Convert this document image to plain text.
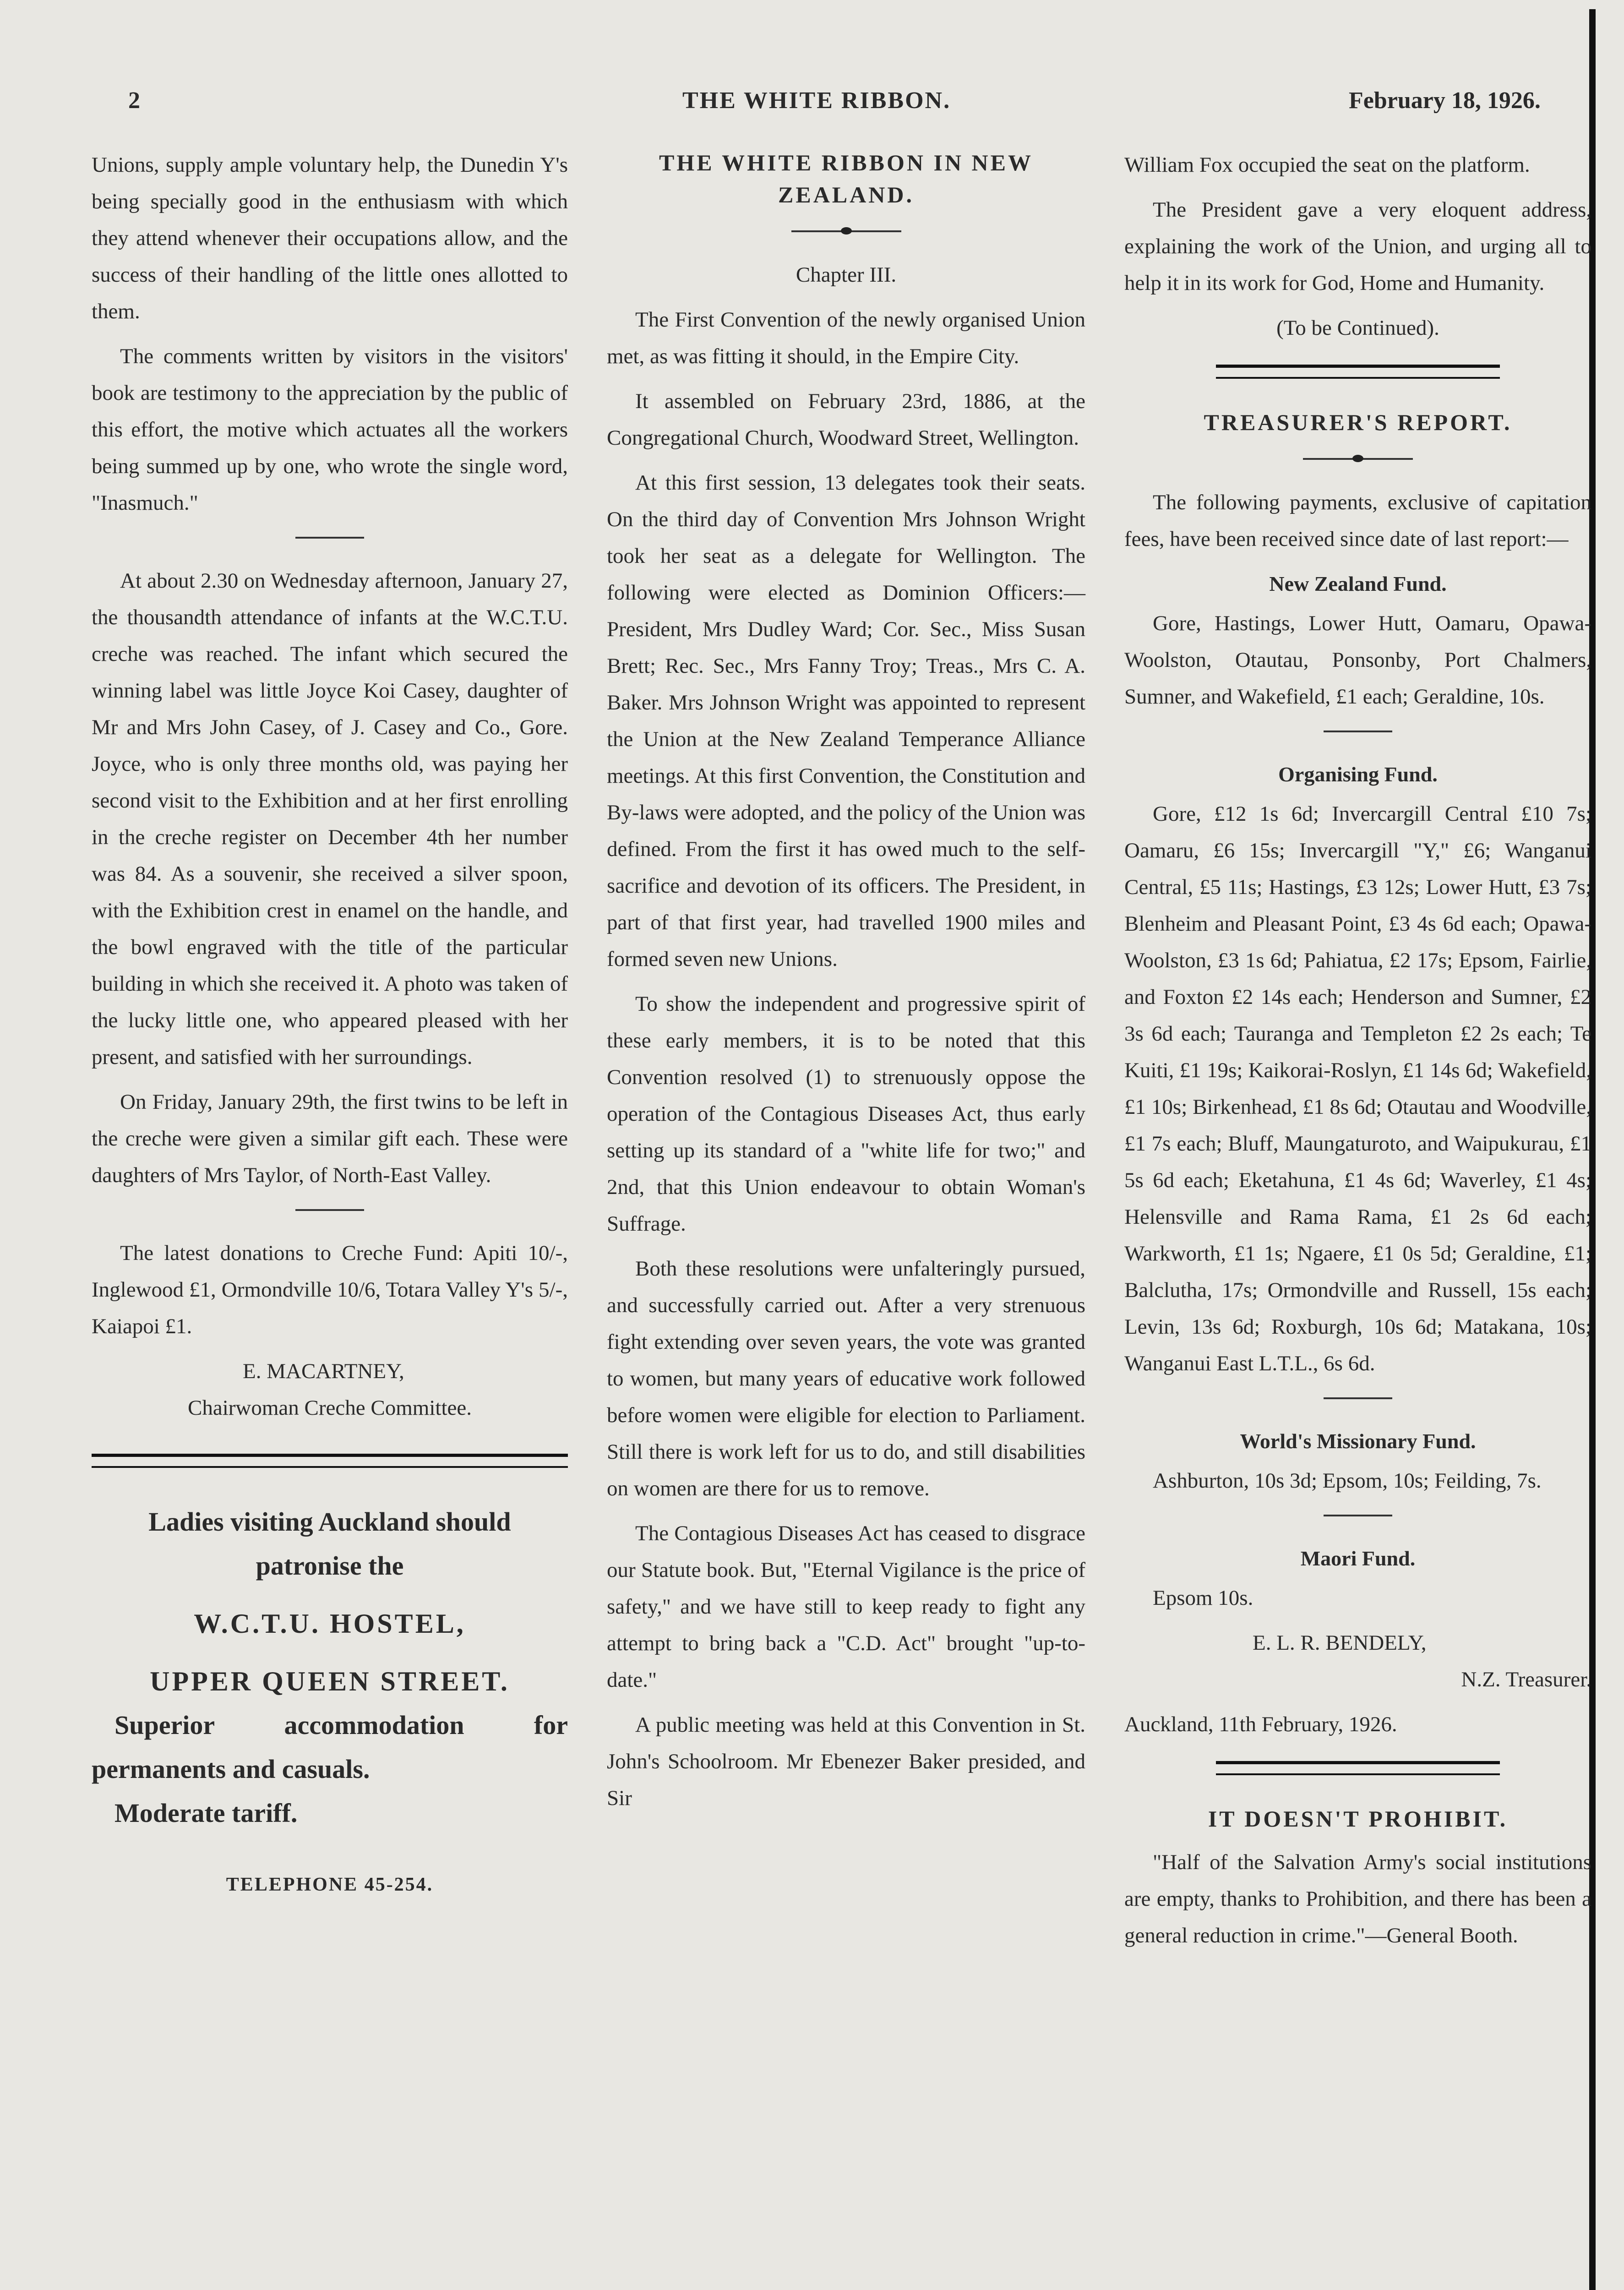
2	THE WHITE RIBBON.	February 18, 1926.

Unions, supply ample voluntary help, the Dunedin Y's being specially good in the enthusiasm with which they attend whenever their occupations allow, and the success of their handling of the little ones allotted to them.

The comments written by visitors in the visitors' book are testimony to the appreciation by the public of this effort, the motive which actuates all the workers being summed up by one, who wrote the single word, "Inasmuch."

At about 2.30 on Wednesday afternoon, January 27, the thousandth attendance of infants at the W.C.T.U. creche was reached. The infant which secured the winning label was little Joyce Koi Casey, daughter of Mr and Mrs John Casey, of J. Casey and Co., Gore. Joyce, who is only three months old, was paying her second visit to the Exhibition and at her first enrolling in the creche register on December 4th her number was 84. As a souvenir, she received a silver spoon, with the Exhibition crest in enamel on the handle, and the bowl engraved with the title of the particular building in which she received it. A photo was taken of the lucky little one, who appeared pleased with her present, and satisfied with her surroundings.

On Friday, January 29th, the first twins to be left in the creche were given a similar gift each. These were daughters of Mrs Taylor, of North-East Valley.

The latest donations to Creche Fund: Apiti 10/-, Inglewood £1, Ormondville 10/6, Totara Valley Y's 5/-, Kaiapoi £1.

E. MACARTNEY,

Chairwoman Creche Committee.

Ladies visiting Auckland should
patronise the
W.C.T.U. HOSTEL,
UPPER QUEEN STREET.
Superior accommodation for
permanents and casuals.
Moderate tariff.
TELEPHONE 45-254.
THE WHITE RIBBON IN NEW ZEALAND.

Chapter III.

The First Convention of the newly organised Union met, as was fitting it should, in the Empire City.

It assembled on February 23rd, 1886, at the Congregational Church, Woodward Street, Wellington.

At this first session, 13 delegates took their seats. On the third day of Convention Mrs Johnson Wright took her seat as a delegate for Wellington. The following were elected as Dominion Officers:—President, Mrs Dudley Ward; Cor. Sec., Miss Susan Brett; Rec. Sec., Mrs Fanny Troy; Treas., Mrs C. A. Baker. Mrs Johnson Wright was appointed to represent the Union at the New Zealand Temperance Alliance meetings. At this first Convention, the Constitution and By-laws were adopted, and the policy of the Union was defined. From the first it has owed much to the self-sacrifice and devotion of its officers. The President, in part of that first year, had travelled 1900 miles and formed seven new Unions.

To show the independent and progressive spirit of these early members, it is to be noted that this Convention resolved (1) to strenuously oppose the operation of the Contagious Diseases Act, thus early setting up its standard of a "white life for two;" and 2nd, that this Union endeavour to obtain Woman's Suffrage.

Both these resolutions were unfalteringly pursued, and successfully carried out. After a very strenuous fight extending over seven years, the vote was granted to women, but many years of educative work followed before women were eligible for election to Parliament. Still there is work left for us to do, and still disabilities on women are there for us to remove.

The Contagious Diseases Act has ceased to disgrace our Statute book. But, "Eternal Vigilance is the price of safety," and we have still to keep ready to fight any attempt to bring back a "C.D. Act" brought "up-to-date."

A public meeting was held at this Convention in St. John's Schoolroom. Mr Ebenezer Baker presided, and Sir

William Fox occupied the seat on the platform.

The President gave a very eloquent address, explaining the work of the Union, and urging all to help it in its work for God, Home and Humanity.

(To be Continued).

TREASURER'S REPORT.

The following payments, exclusive of capitation fees, have been received since date of last report:—

New Zealand Fund.

Gore, Hastings, Lower Hutt, Oamaru, Opawa-Woolston, Otautau, Ponsonby, Port Chalmers, Sumner, and Wakefield, £1 each; Geraldine, 10s.

Organising Fund.

Gore, £12 1s 6d; Invercargill Central £10 7s; Oamaru, £6 15s; Invercargill "Y," £6; Wanganui Central, £5 11s; Hastings, £3 12s; Lower Hutt, £3 7s; Blenheim and Pleasant Point, £3 4s 6d each; Opawa-Woolston, £3 1s 6d; Pahiatua, £2 17s; Epsom, Fairlie, and Foxton £2 14s each; Henderson and Sumner, £2 3s 6d each; Tauranga and Templeton £2 2s each; Te Kuiti, £1 19s; Kaikorai-Roslyn, £1 14s 6d; Wakefield, £1 10s; Birkenhead, £1 8s 6d; Otautau and Woodville, £1 7s each; Bluff, Maungaturoto, and Waipukurau, £1 5s 6d each; Eketahuna, £1 4s 6d; Waverley, £1 4s; Helensville and Rama Rama, £1 2s 6d each; Warkworth, £1 1s; Ngaere, £1 0s 5d; Geraldine, £1; Balclutha, 17s; Ormondville and Russell, 15s each; Levin, 13s 6d; Roxburgh, 10s 6d; Matakana, 10s; Wanganui East L.T.L., 6s 6d.

World's Missionary Fund.

Ashburton, 10s 3d; Epsom, 10s; Feilding, 7s.

Maori Fund.

Epsom 10s.

E. L. R. BENDELY,

N.Z. Treasurer.

Auckland, 11th February, 1926.

IT DOESN'T PROHIBIT.

"Half of the Salvation Army's social institutions are empty, thanks to Prohibition, and there has been a general reduction in crime."—General Booth.
